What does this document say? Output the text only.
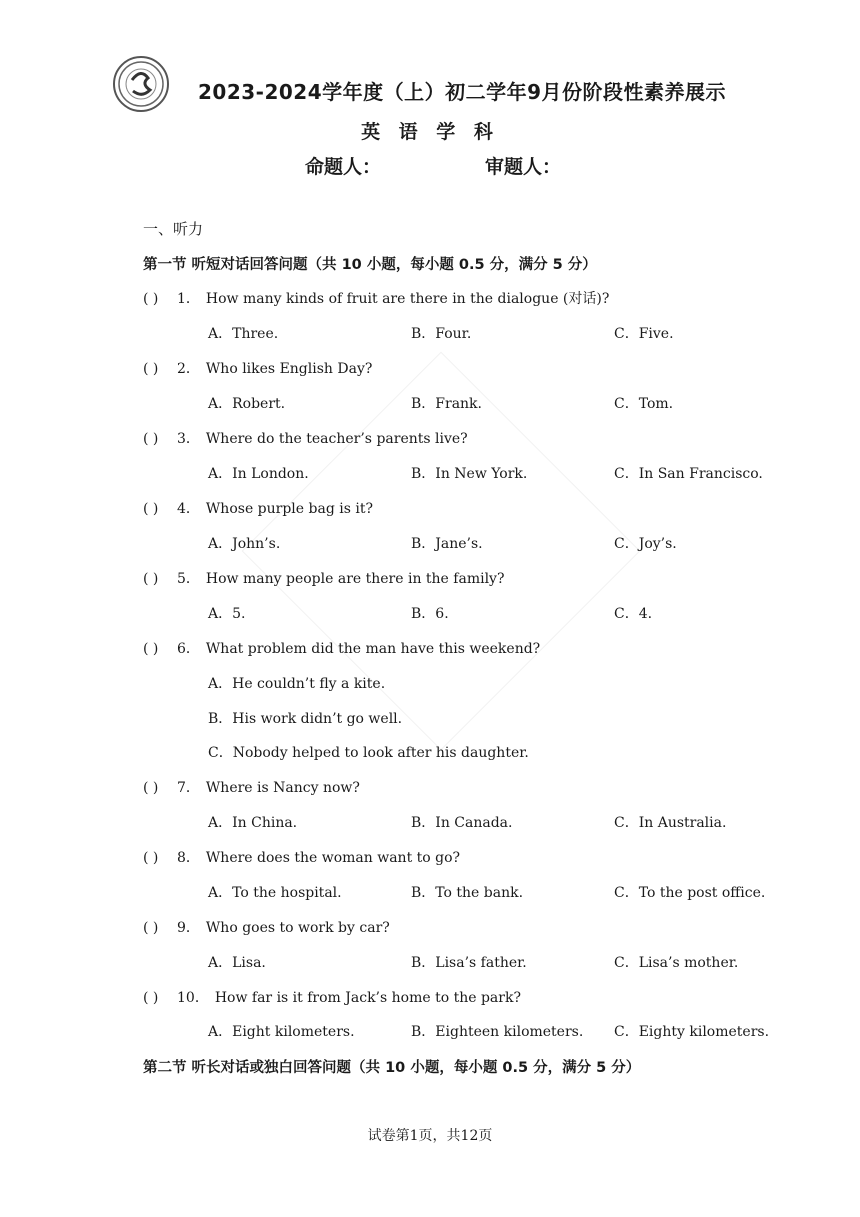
2023-2024学年度（上）初二学年9月份阶段性素养展示
英 语 学 科
命题人：	审题人：
一、听力
第一节 听短对话回答问题（共 10 小题，每小题 0.5 分，满分 5 分）
( ) 1． How many kinds of fruit are there in the dialogue (对话)?
A．Three.	B．Four.	C．Five.
( ) 2． Who likes English Day?
A．Robert.	B．Frank.	C．Tom.
( ) 3． Where do the teacher’s parents live?
A．In London.	B．In New York.	C．In San Francisco.
( ) 4． Whose purple bag is it?
A．John’s.	B．Jane’s.	C．Joy’s.
( ) 5． How many people are there in the family?
A．5.	B．6.	C．4.
( ) 6． What problem did the man have this weekend?
A．He couldn’t fly a kite.
B．His work didn’t go well.
C．Nobody helped to look after his daughter.
( ) 7． Where is Nancy now?
A．In China.	B．In Canada.	C．In Australia.
( ) 8． Where does the woman want to go?
A．To the hospital.	B．To the bank.	C．To the post office.
( ) 9． Who goes to work by car?
A．Lisa.	B．Lisa’s father.	C．Lisa’s mother.
( ) 10． How far is it from Jack’s home to the park?
A．Eight kilometers.	B．Eighteen kilometers. C．Eighty kilometers.
第二节 听长对话或独白回答问题（共 10 小题，每小题 0.5 分，满分 5 分）
试卷第1页，共12页
